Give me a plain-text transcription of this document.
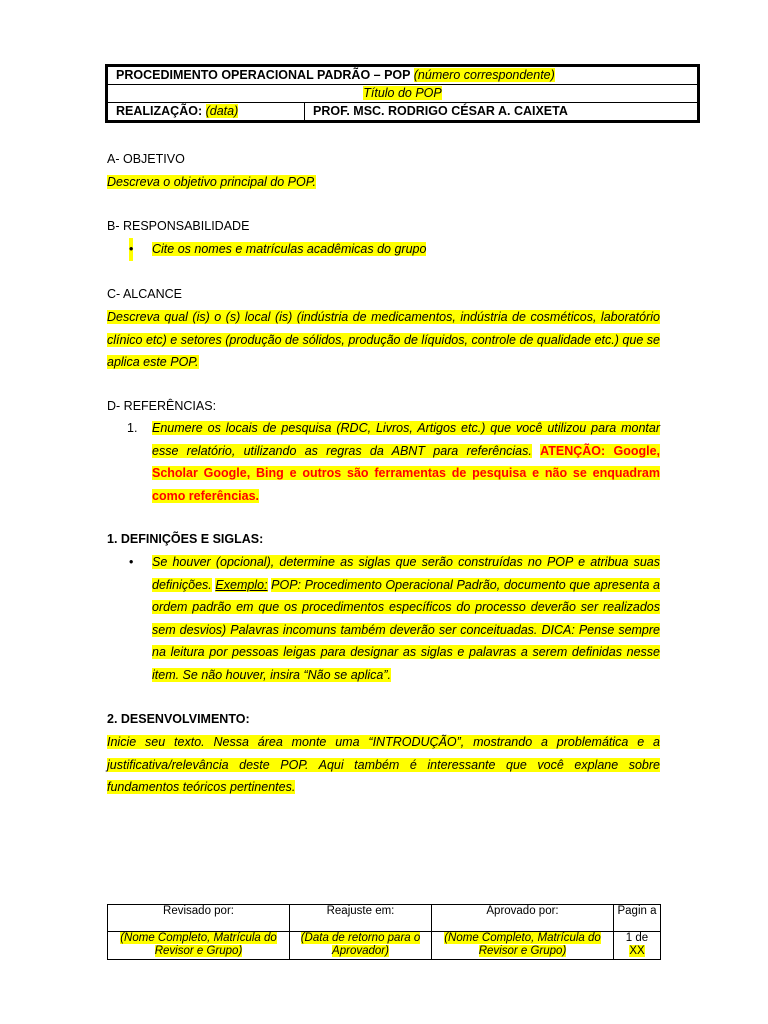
PROCEDIMENTO OPERACIONAL PADRÃO – POP (número correspondente)
Título do POP
REALIZAÇÃO: (data)	PROF. MSC. RODRIGO CÉSAR A. CAIXETA
A- OBJETIVO

Descreva o objetivo principal do POP.

B- RESPONSABILIDADE
• Cite os nomes e matrículas acadêmicas do grupo
C- ALCANCE

Descreva qual (is) o (s) local (is) (indústria de medicamentos, indústria de cosméticos, laboratório clínico etc) e setores (produção de sólidos, produção de líquidos, controle de qualidade etc.) que se aplica este POP.

D- REFERÊNCIAS:
1. Enumere os locais de pesquisa (RDC, Livros, Artigos etc.) que você utilizou para montar esse relatório, utilizando as regras da ABNT para referências. ATENÇÃO: Google, Scholar Google, Bing e outros são ferramentas de pesquisa e não se enquadram como referências.
1. DEFINIÇÕES E SIGLAS:
• Se houver (opcional), determine as siglas que serão construídas no POP e atribua suas definições. Exemplo: POP: Procedimento Operacional Padrão, documento que apresenta a ordem padrão em que os procedimentos específicos do processo deverão ser realizados sem desvios) Palavras incomuns também deverão ser conceituadas. DICA: Pense sempre na leitura por pessoas leigas para designar as siglas e palavras a serem definidas nesse item. Se não houver, insira “Não se aplica”.
2. DESENVOLVIMENTO:

Inicie seu texto. Nessa área monte uma “INTRODUÇÃO”, mostrando a problemática e a justificativa/relevância deste POP. Aqui também é interessante que você explane sobre fundamentos teóricos pertinentes.

Revisado por:	Reajuste em:	Aprovado por:	Pagin a
(Nome Completo, Matrícula do Revisor e Grupo)	(Data de retorno para o Aprovador)	(Nome Completo, Matrícula do Revisor e Grupo)	1 de
XX
